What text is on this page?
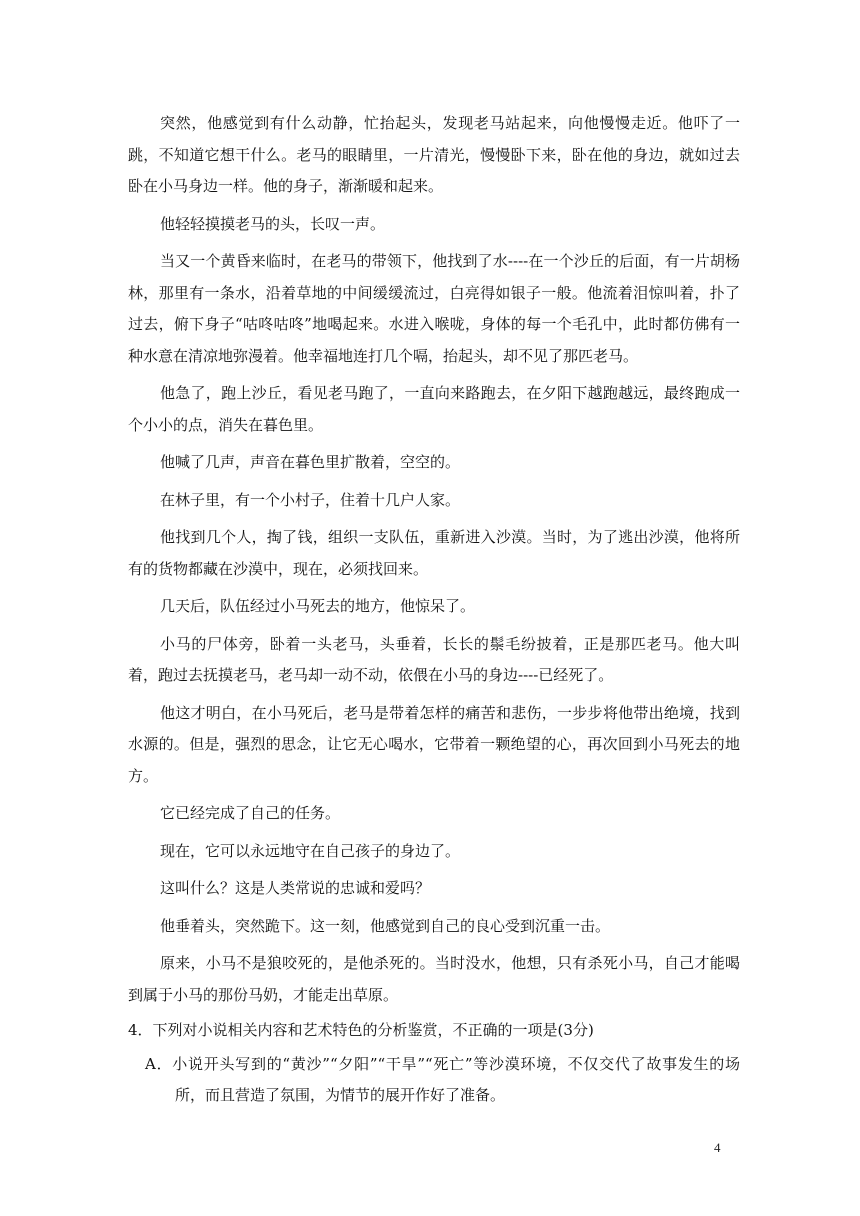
突然，他感觉到有什么动静，忙抬起头，发现老马站起来，向他慢慢走近。他吓了一跳，不知道它想干什么。老马的眼睛里，一片清光，慢慢卧下来，卧在他的身边，就如过去卧在小马身边一样。他的身子，渐渐暖和起来。

他轻轻摸摸老马的头，长叹一声。

当又一个黄昏来临时，在老马的带领下，他找到了水----在一个沙丘的后面，有一片胡杨林，那里有一条水，沿着草地的中间缓缓流过，白亮得如银子一般。他流着泪惊叫着，扑了过去，俯下身子“咕咚咕咚”地喝起来。水进入喉咙，身体的每一个毛孔中，此时都仿佛有一种水意在清凉地弥漫着。他幸福地连打几个嗝，抬起头，却不见了那匹老马。

他急了，跑上沙丘，看见老马跑了，一直向来路跑去，在夕阳下越跑越远，最终跑成一个小小的点，消失在暮色里。

他喊了几声，声音在暮色里扩散着，空空的。

在林子里，有一个小村子，住着十几户人家。

他找到几个人，掏了钱，组织一支队伍，重新进入沙漠。当时，为了逃出沙漠，他将所有的货物都藏在沙漠中，现在，必须找回来。

几天后，队伍经过小马死去的地方，他惊呆了。

小马的尸体旁，卧着一头老马，头垂着，长长的鬃毛纷披着，正是那匹老马。他大叫着，跑过去抚摸老马，老马却一动不动，依偎在小马的身边----已经死了。

他这才明白，在小马死后，老马是带着怎样的痛苦和悲伤，一步步将他带出绝境，找到水源的。但是，强烈的思念，让它无心喝水，它带着一颗绝望的心，再次回到小马死去的地方。

它已经完成了自己的任务。

现在，它可以永远地守在自己孩子的身边了。

这叫什么？这是人类常说的忠诚和爱吗？

他垂着头，突然跪下。这一刻，他感觉到自己的良心受到沉重一击。

原来，小马不是狼咬死的，是他杀死的。当时没水，他想，只有杀死小马，自己才能喝到属于小马的那份马奶，才能走出草原。

4．下列对小说相关内容和艺术特色的分析鉴赏，不正确的一项是(3分)

A．小说开头写到的“黄沙”“夕阳”“干旱”“死亡”等沙漠环境，不仅交代了故事发生的场所，而且营造了氛围，为情节的展开作好了准备。

4
